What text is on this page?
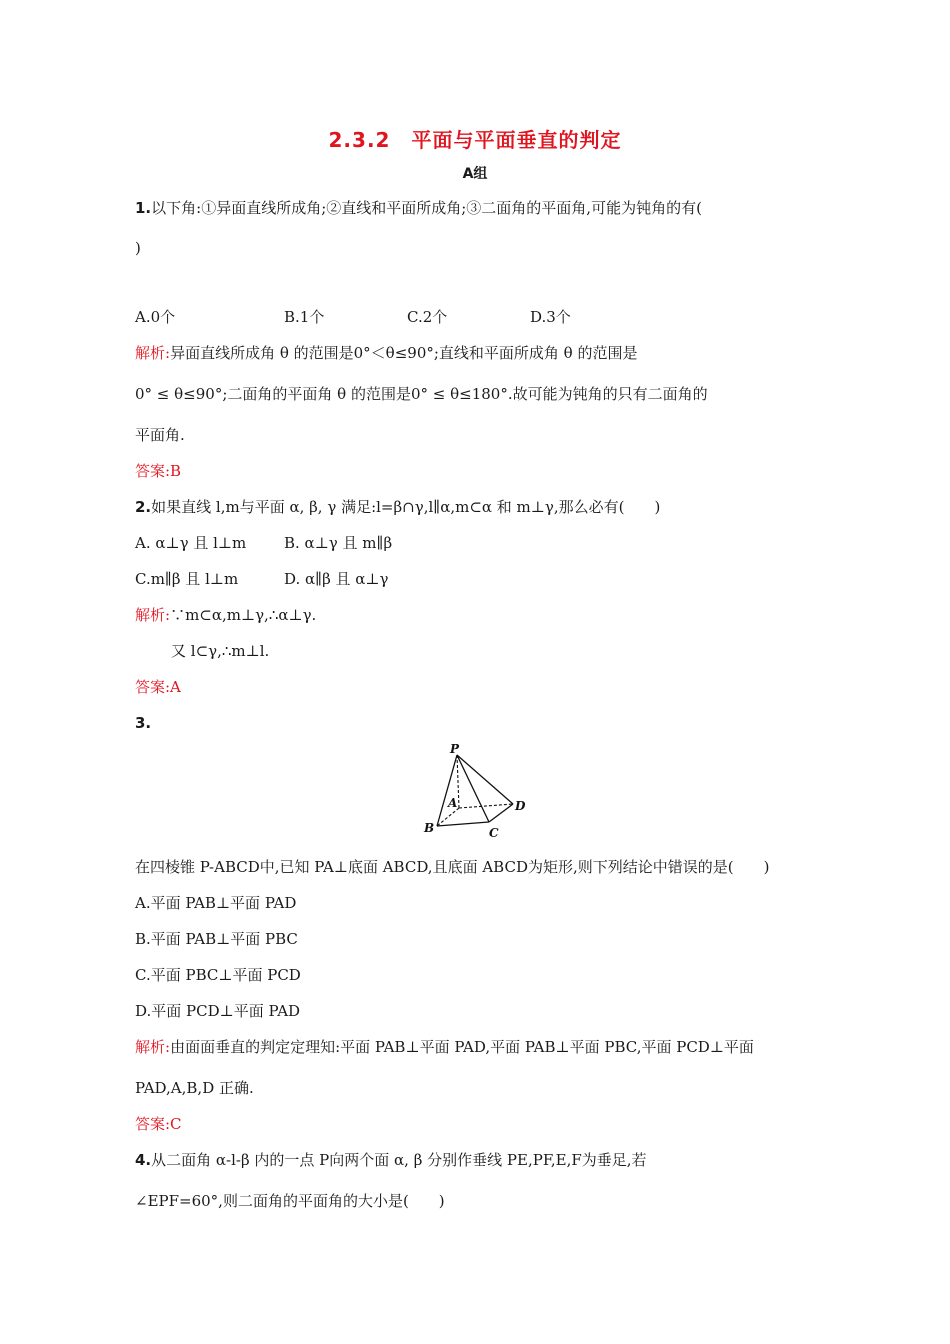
2.3.2　平面与平面垂直的判定
A组
1.以下角:①异面直线所成角;②直线和平面所成角;③二面角的平面角,可能为钝角的有(
)
A.0个	B.1个	C.2个	D.3个
解析:异面直线所成角 θ 的范围是0°＜θ≤90°;直线和平面所成角 θ 的范围是
0° ≤ θ≤90°;二面角的平面角 θ 的范围是0° ≤ θ≤180°.故可能为钝角的只有二面角的
平面角.
答案:B
2.如果直线 l,m与平面 α, β, γ 满足:l=β∩γ,l∥α,m⊂α 和 m⊥γ,那么必有(　　)
A. α⊥γ 且 l⊥m	B. α⊥γ 且 m∥β
C.m∥β 且 l⊥m	D. α∥β 且 α⊥γ
解析:∵m⊂α,m⊥γ,∴α⊥γ.
又 l⊂γ,∴m⊥l.
答案:A
3.
P
A
B	C
D
在四棱锥 P-ABCD中,已知 PA⊥底面 ABCD,且底面 ABCD为矩形,则下列结论中错误的是(　　)
A.平面 PAB⊥平面 PAD
B.平面 PAB⊥平面 PBC
C.平面 PBC⊥平面 PCD
D.平面 PCD⊥平面 PAD
解析:由面面垂直的判定定理知:平面 PAB⊥平面 PAD,平面 PAB⊥平面 PBC,平面 PCD⊥平面
PAD,A,B,D 正确.
答案:C
4.从二面角 α-l-β 内的一点 P向两个面 α, β 分别作垂线 PE,PF,E,F为垂足,若
∠EPF=60°,则二面角的平面角的大小是(　　)
